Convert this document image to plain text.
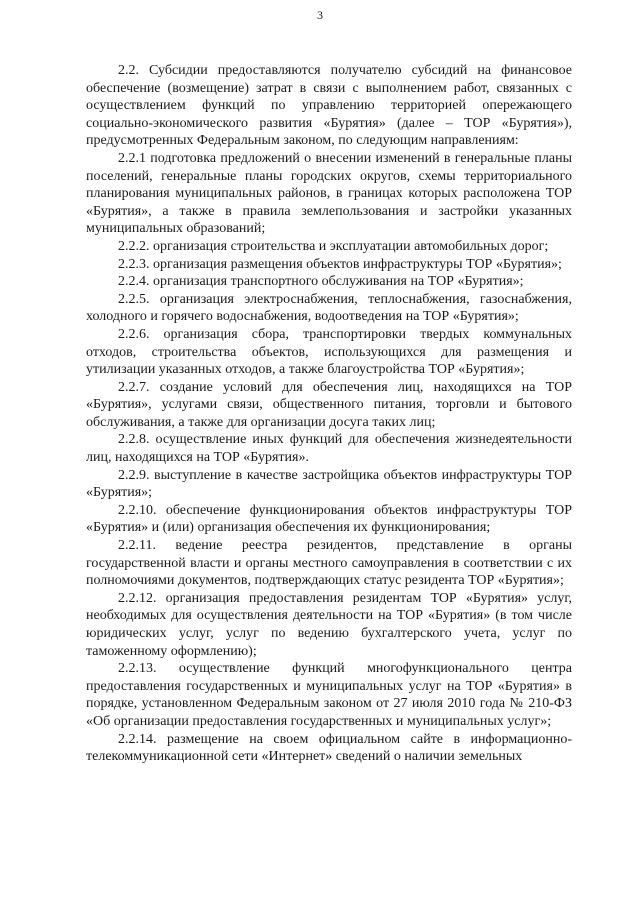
3

2.2. Субсидии предоставляются получателю субсидий на финансовое обеспечение (возмещение) затрат в связи с выполнением работ, связанных с осуществлением функций по управлению территорией опережающего социально-экономического развития «Бурятия» (далее – ТОР «Бурятия»), предусмотренных Федеральным законом, по следующим направлениям:

2.2.1 подготовка предложений о внесении изменений в генеральные планы поселений, генеральные планы городских округов, схемы территориального планирования муниципальных районов, в границах которых расположена ТОР «Бурятия», а также в правила землепользования и застройки указанных муниципальных образований;

2.2.2. организация строительства и эксплуатации автомобильных дорог;

2.2.3. организация размещения объектов инфраструктуры ТОР «Бурятия»;

2.2.4. организация транспортного обслуживания на ТОР «Бурятия»;

2.2.5. организация электроснабжения, теплоснабжения, газоснабжения, холодного и горячего водоснабжения, водоотведения на ТОР «Бурятия»;

2.2.6. организация сбора, транспортировки твердых коммунальных отходов, строительства объектов, использующихся для размещения и утилизации указанных отходов, а также благоустройства ТОР «Бурятия»;

2.2.7. создание условий для обеспечения лиц, находящихся на ТОР «Бурятия», услугами связи, общественного питания, торговли и бытового обслуживания, а также для организации досуга таких лиц;

2.2.8. осуществление иных функций для обеспечения жизнедеятельности лиц, находящихся на ТОР «Бурятия».

2.2.9. выступление в качестве застройщика объектов инфраструктуры ТОР «Бурятия»;

2.2.10. обеспечение функционирования объектов инфраструктуры ТОР «Бурятия» и (или) организация обеспечения их функционирования;

2.2.11. ведение реестра резидентов, представление в органы государственной власти и органы местного самоуправления в соответствии с их полномочиями документов, подтверждающих статус резидента ТОР «Бурятия»;

2.2.12. организация предоставления резидентам ТОР «Бурятия» услуг, необходимых для осуществления деятельности на ТОР «Бурятия» (в том числе юридических услуг, услуг по ведению бухгалтерского учета, услуг по таможенному оформлению);

2.2.13. осуществление функций многофункционального центра предоставления государственных и муниципальных услуг на ТОР «Бурятия» в порядке, установленном Федеральным законом от 27 июля 2010 года № 210-ФЗ «Об организации предоставления государственных и муниципальных услуг»;

2.2.14. размещение на своем официальном сайте в информационно-телекоммуникационной сети «Интернет» сведений о наличии земельных
